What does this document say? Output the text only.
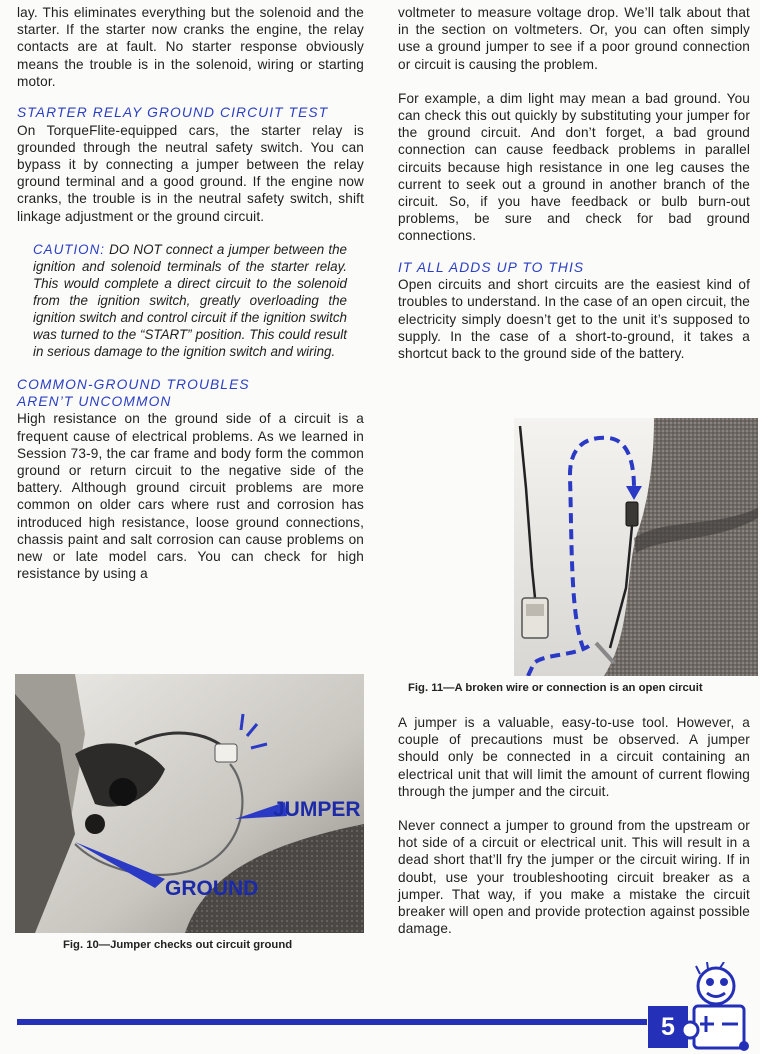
lay. This eliminates everything but the solenoid and the starter. If the starter now cranks the engine, the relay contacts are at fault. No starter response obviously means the trouble is in the solenoid, wiring or starting motor.

STARTER RELAY GROUND CIRCUIT TEST

On TorqueFlite-equipped cars, the starter relay is grounded through the neutral safety switch. You can bypass it by connecting a jumper between the relay ground terminal and a good ground. If the engine now cranks, the trouble is in the neutral safety switch, shift linkage adjustment or the ground circuit.

CAUTION: DO NOT connect a jumper between the ignition and solenoid terminals of the starter relay. This would complete a direct circuit to the solenoid from the ignition switch, greatly overloading the ignition switch and control circuit if the ignition switch was turned to the “START” position. This could result in serious damage to the ignition switch and wiring.

COMMON-GROUND TROUBLES
AREN’T UNCOMMON

High resistance on the ground side of a circuit is a frequent cause of electrical problems. As we learned in Session 73-9, the car frame and body form the common ground or return circuit to the negative side of the battery. Although ground circuit problems are more common on older cars where rust and corrosion has introduced high resistance, loose ground connections, chassis paint and salt corrosion can cause problems on new or late model cars. You can check for high resistance by using a

voltmeter to measure voltage drop. We’ll talk about that in the section on voltmeters. Or, you can often simply use a ground jumper to see if a poor ground connection or circuit is causing the problem.

For example, a dim light may mean a bad ground. You can check this out quickly by substituting your jumper for the ground circuit. And don’t forget, a bad ground connection can cause feedback problems in parallel circuits because high resistance in one leg causes the current to seek out a ground in another branch of the circuit. So, if you have feedback or bulb burn-out problems, be sure and check for bad ground connections.

IT ALL ADDS UP TO THIS

Open circuits and short circuits are the easiest kind of troubles to understand. In the case of an open circuit, the electricity simply doesn’t get to the unit it’s supposed to supply. In the case of a short-to-ground, it takes a shortcut back to the ground side of the battery.

Fig. 11—A broken wire or connection is an open circuit

A jumper is a valuable, easy-to-use tool. However, a couple of precautions must be observed. A jumper should only be connected in a circuit containing an electrical unit that will limit the amount of current flowing through the jumper and the circuit.

Never connect a jumper to ground from the upstream or hot side of a circuit or electrical unit. This will result in a dead short that’ll fry the jumper or the circuit wiring. If in doubt, use your troubleshooting circuit breaker as a jumper. That way, if you make a mistake the circuit breaker will open and provide protection against possible damage.

JUMPER
GROUND
Fig. 10—Jumper checks out circuit ground
5
